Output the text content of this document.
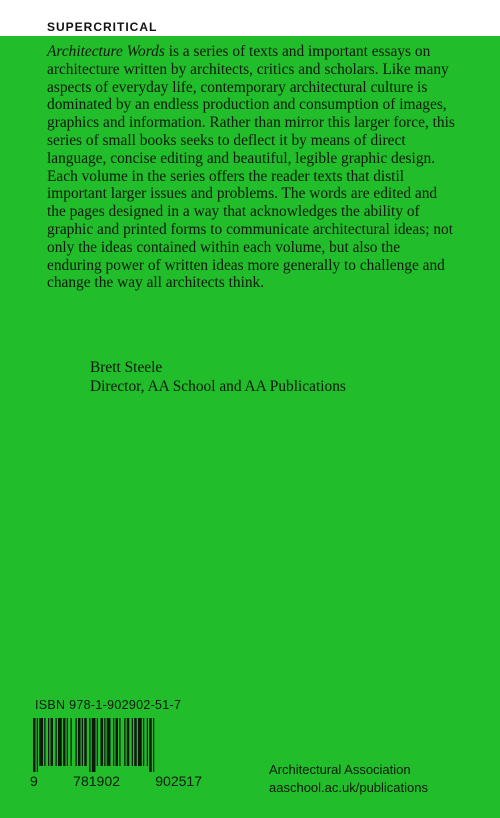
SUPERCRITICAL

Architecture Words is a series of texts and important essays on architecture written by architects, critics and scholars. Like many aspects of everyday life, contemporary architectural culture is dominated by an endless production and consumption of images, graphics and information. Rather than mirror this larger force, this series of small books seeks to deflect it by means of direct language, concise editing and beautiful, legible graphic design. Each volume in the series offers the reader texts that distil important larger issues and problems. The words are edited and the pages designed in a way that acknowledges the ability of graphic and printed forms to communicate architectural ideas; not only the ideas contained within each volume, but also the enduring power of written ideas more generally to challenge and change the way all architects think.

Brett Steele
Director, AA School and AA Publications
ISBN 978-1-902902-51-7
9	781902	902517
Architectural Association
aaschool.ac.uk/publications
